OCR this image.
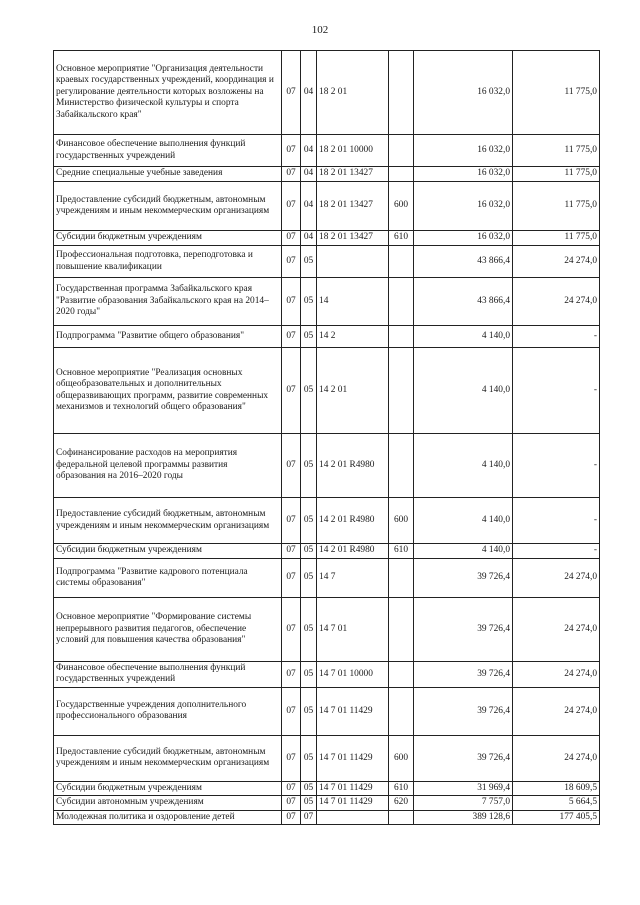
102
Основное мероприятие "Организация деятельности краевых государственных учреждений, координация и регулирование деятельности которых возложены на Министерство физической культуры и спорта Забайкальского края"	07	04	18 2 01		16 032,0	11 775,0
Финансовое обеспечение выполнения функций государственных учреждений	07	04	18 2 01 10000		16 032,0	11 775,0
Средние специальные учебные заведения	07	04	18 2 01 13427		16 032,0	11 775,0
Предоставление субсидий бюджетным, автономным учреждениям и иным некоммерческим организациям	07	04	18 2 01 13427	600	16 032,0	11 775,0
Субсидии бюджетным учреждениям	07	04	18 2 01 13427	610	16 032,0	11 775,0
Профессиональная подготовка, переподготовка и повышение квалификации	07	05			43 866,4	24 274,0
Государственная программа Забайкальского края "Развитие образования Забайкальского края на 2014–2020 годы"	07	05	14		43 866,4	24 274,0
Подпрограмма "Развитие общего образования"	07	05	14 2		4 140,0	-
Основное мероприятие "Реализация основных общеобразовательных и дополнительных общеразвивающих программ, развитие современных механизмов и технологий общего образования"	07	05	14 2 01		4 140,0	-
Софинансирование расходов на мероприятия федеральной целевой программы развития образования на 2016–2020 годы	07	05	14 2 01 R4980		4 140,0	-
Предоставление субсидий бюджетным, автономным учреждениям и иным некоммерческим организациям	07	05	14 2 01 R4980	600	4 140,0	-
Субсидии бюджетным учреждениям	07	05	14 2 01 R4980	610	4 140,0	-
Подпрограмма "Развитие кадрового потенциала системы образования"	07	05	14 7		39 726,4	24 274,0
Основное мероприятие "Формирование системы непрерывного развития педагогов, обеспечение условий для повышения качества образования"	07	05	14 7 01		39 726,4	24 274,0
Финансовое обеспечение выполнения функций государственных учреждений	07	05	14 7 01 10000		39 726,4	24 274,0
Государственные учреждения дополнительного профессионального образования	07	05	14 7 01 11429		39 726,4	24 274,0
Предоставление субсидий бюджетным, автономным учреждениям и иным некоммерческим организациям	07	05	14 7 01 11429	600	39 726,4	24 274,0
Субсидии бюджетным учреждениям	07	05	14 7 01 11429	610	31 969,4	18 609,5
Субсидии автономным учреждениям	07	05	14 7 01 11429	620	7 757,0	5 664,5
Молодежная политика и оздоровление детей	07	07			389 128,6	177 405,5
